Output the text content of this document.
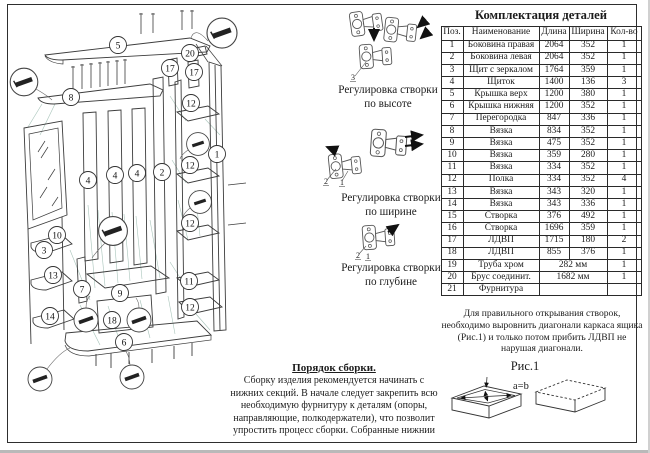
3
2 1
2 1
5
20
17 17
8
12
1
12
4 4 4 2
12
10
3
13
7	9
11
12
14	18
6
Регулировка створки
по высоте
Регулировка створки
по ширине
Регулировка створки
по глубине
Комплектация деталей
Поз.	Наименование	Длина	Ширина	Кол-во
1	Боковина правая	2064	352	1
2	Боковина левая	2064	352	1
3	Щит с зеркалом	1764	359	1
4	Щиток	1400	136	3
5	Крышка верх	1200	380	1
6	Крышка нижняя	1200	352	1
7	Перегородка	847	336	1
8	Вязка	834	352	1
9	Вязка	475	352	1
10	Вязка	359	280	1
11	Вязка	334	352	1
12	Полка	334	352	4
13	Вязка	343	320	1
14	Вязка	343	336	1
15	Створка	376	492	1
16	Створка	1696	359	1
17	ЛДВП	1715	180	2
18	ЛДВП	855	376	1
19	Труба хром	282 мм		1
20	Брус соединит.	1682 мм		1
21	Фурнитура			
Для правильного открывания створок, необходимо выровнить диагонали каркаса ящика (Рис.1) и только потом прибить ЛДВП не нарушая диагонали.
Рис.1
a=b
Порядок сборки.
Сборку изделия рекомендуется начинать с нижних секций. В начале следует закрепить всю необходимую фурнитуру к деталям (опоры, направляющие, полкодержатели), что позволит упростить процесс сборки. Собранные нижнии
